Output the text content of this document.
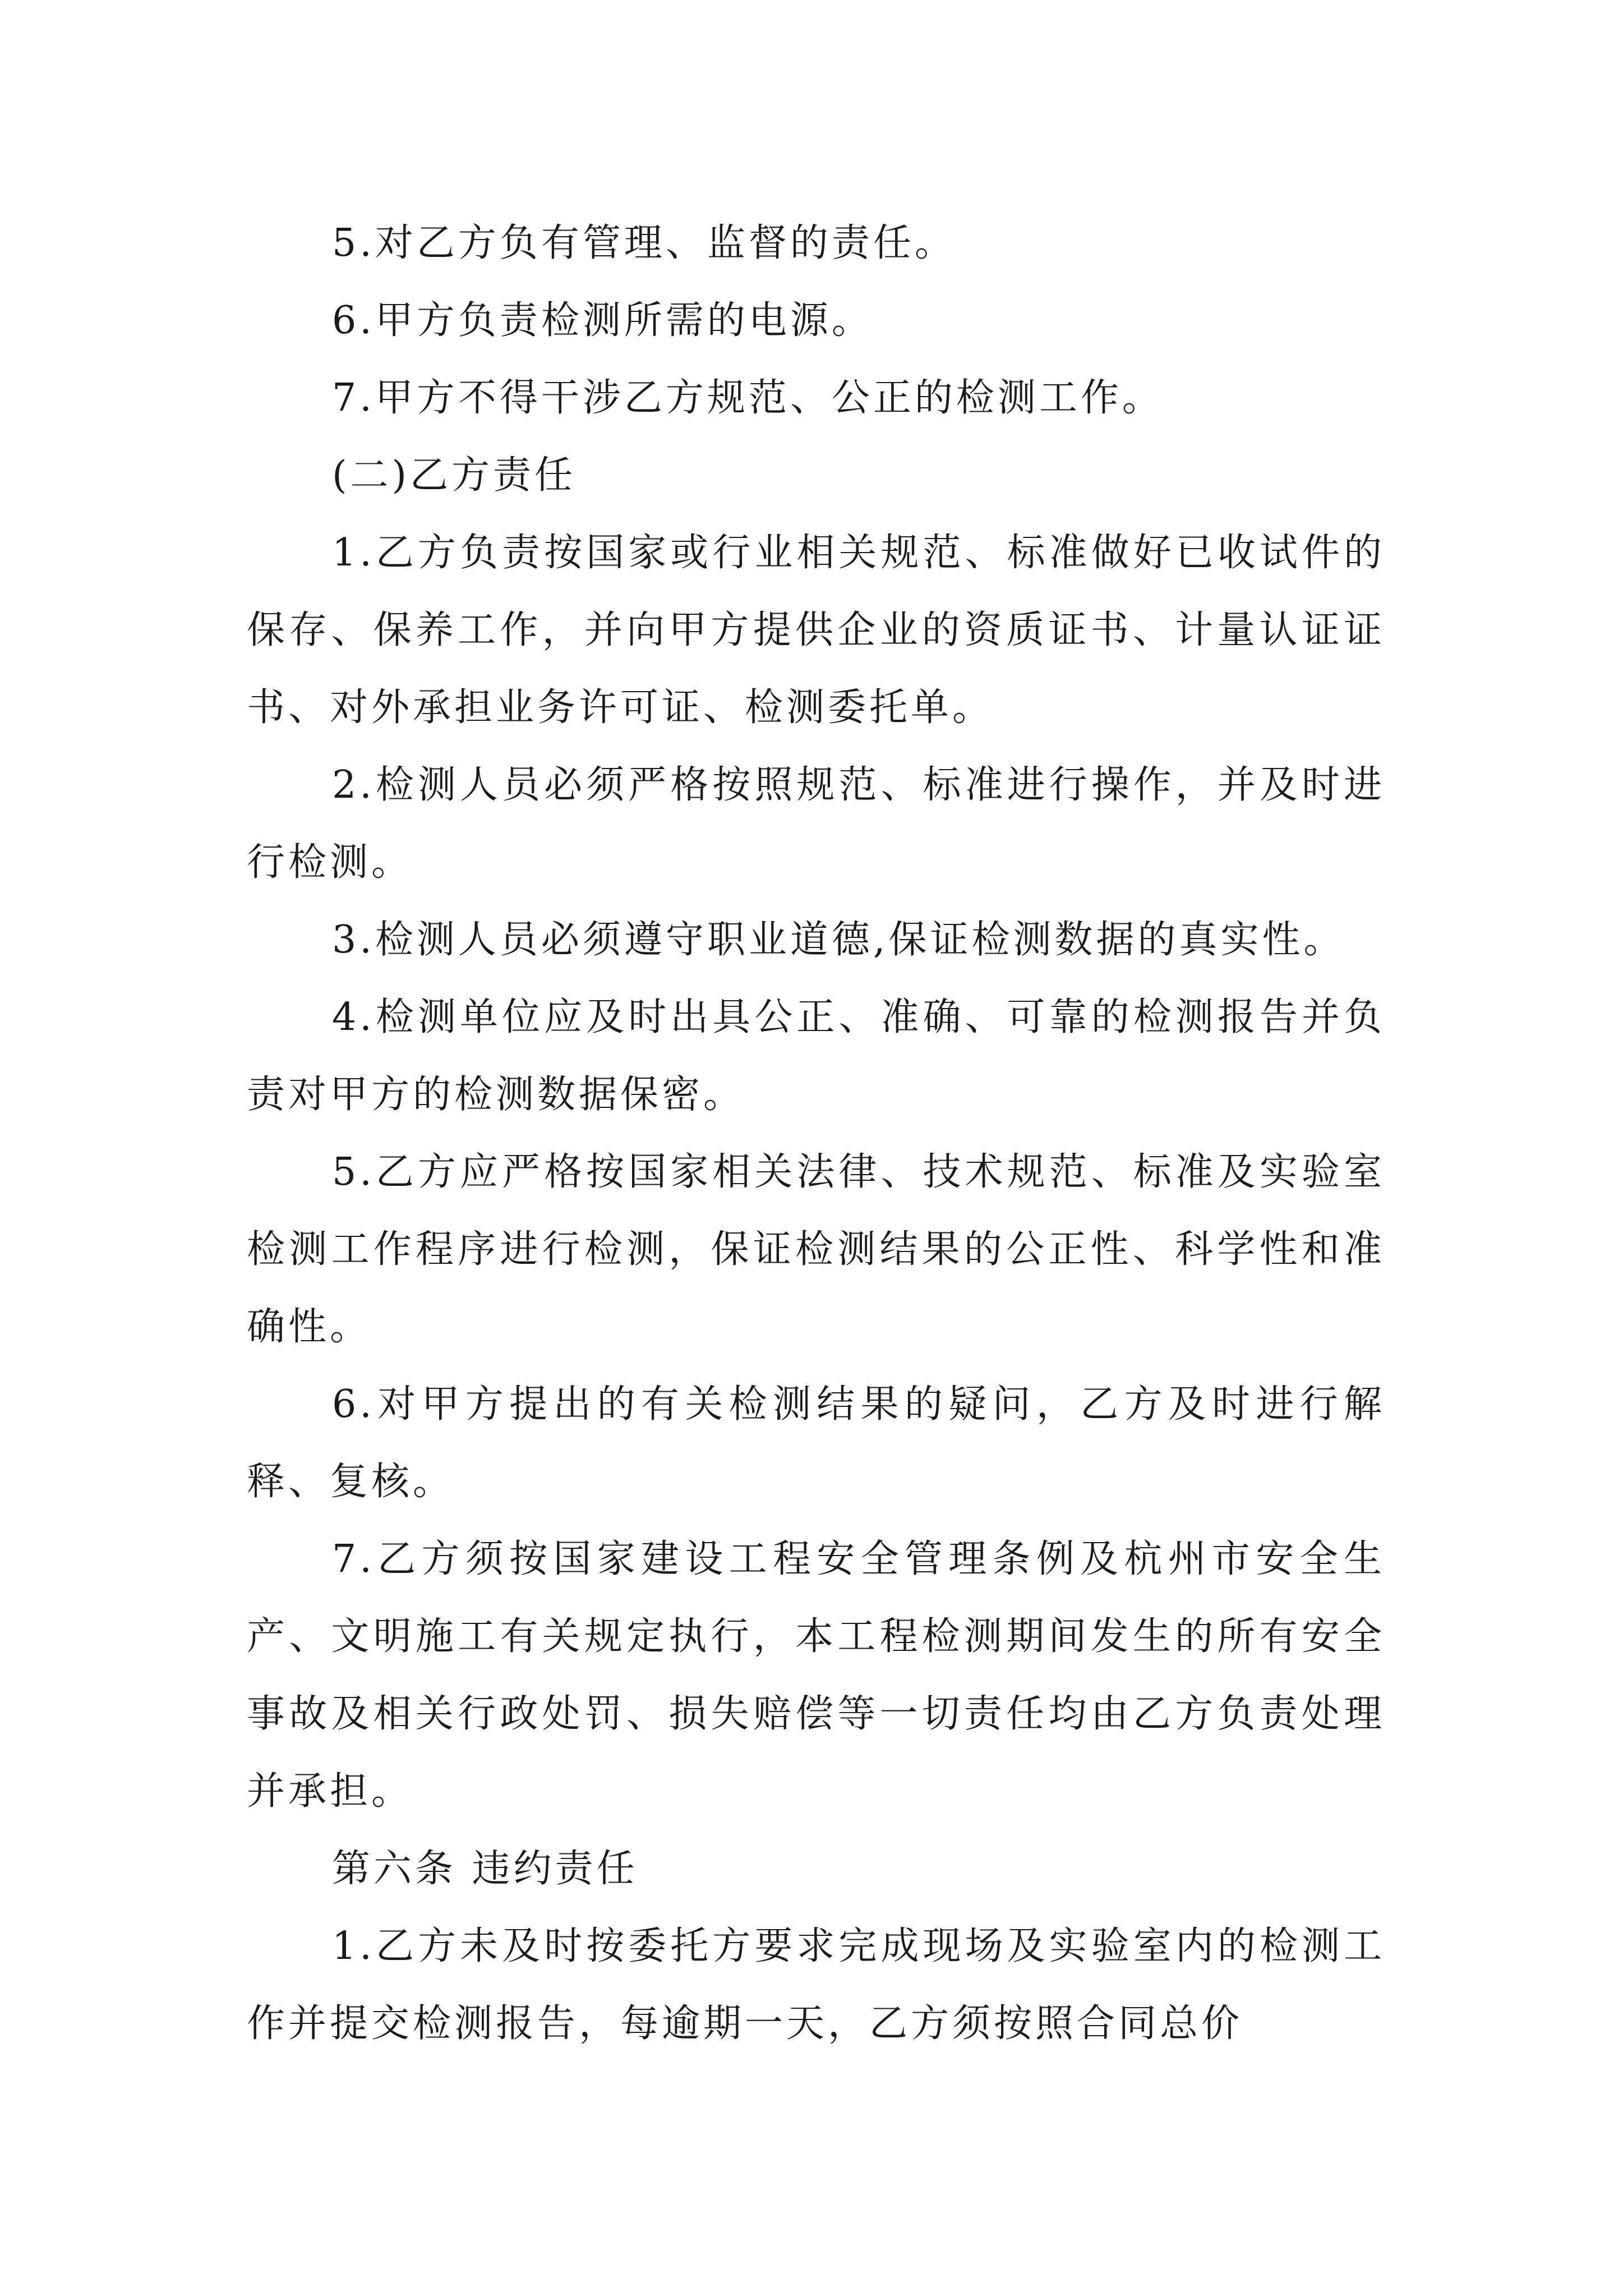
5.对乙方负有管理、监督的责任。

6.甲方负责检测所需的电源。

7.甲方不得干涉乙方规范、公正的检测工作。

(二)乙方责任

1.乙方负责按国家或行业相关规范、标准做好已收试件的保存、保养工作，并向甲方提供企业的资质证书、计量认证证书、对外承担业务许可证、检测委托单。

2.检测人员必须严格按照规范、标准进行操作，并及时进行检测。

3.检测人员必须遵守职业道德,保证检测数据的真实性。

4.检测单位应及时出具公正、准确、可靠的检测报告并负责对甲方的检测数据保密。

5.乙方应严格按国家相关法律、技术规范、标准及实验室检测工作程序进行检测，保证检测结果的公正性、科学性和准确性。

6.对甲方提出的有关检测结果的疑问，乙方及时进行解释、复核。

7.乙方须按国家建设工程安全管理条例及杭州市安全生产、文明施工有关规定执行，本工程检测期间发生的所有安全事故及相关行政处罚、损失赔偿等一切责任均由乙方负责处理并承担。

第六条 违约责任

1.乙方未及时按委托方要求完成现场及实验室内的检测工作并提交检测报告，每逾期一天，乙方须按照合同总价
